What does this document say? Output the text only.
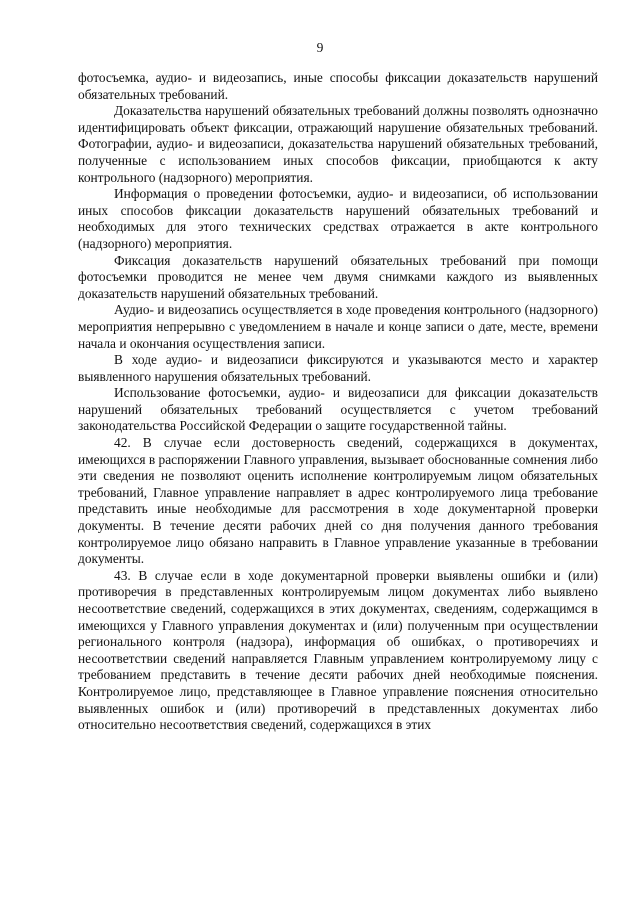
9

фотосъемка, аудио- и видеозапись, иные способы фиксации доказательств нарушений обязательных требований.

Доказательства нарушений обязательных требований должны позволять однозначно идентифицировать объект фиксации, отражающий нарушение обязательных требований. Фотографии, аудио- и видеозаписи, доказательства нарушений обязательных требований, полученные с использованием иных способов фиксации, приобщаются к акту контрольного (надзорного) мероприятия.

Информация о проведении фотосъемки, аудио- и видеозаписи, об использовании иных способов фиксации доказательств нарушений обязательных требований и необходимых для этого технических средствах отражается в акте контрольного (надзорного) мероприятия.

Фиксация доказательств нарушений обязательных требований при помощи фотосъемки проводится не менее чем двумя снимками каждого из выявленных доказательств нарушений обязательных требований.

Аудио- и видеозапись осуществляется в ходе проведения контрольного (надзорного) мероприятия непрерывно с уведомлением в начале и конце записи о дате, месте, времени начала и окончания осуществления записи.

В ходе аудио- и видеозаписи фиксируются и указываются место и характер выявленного нарушения обязательных требований.

Использование фотосъемки, аудио- и видеозаписи для фиксации доказательств нарушений обязательных требований осуществляется с учетом требований законодательства Российской Федерации о защите государственной тайны.

42. В случае если достоверность сведений, содержащихся в документах, имеющихся в распоряжении Главного управления, вызывает обоснованные сомнения либо эти сведения не позволяют оценить исполнение контролируемым лицом обязательных требований, Главное управление направляет в адрес контролируемого лица требование представить иные необходимые для рассмотрения в ходе документарной проверки документы. В течение десяти рабочих дней со дня получения данного требования контролируемое лицо обязано направить в Главное управление указанные в требовании документы.

43. В случае если в ходе документарной проверки выявлены ошибки и (или) противоречия в представленных контролируемым лицом документах либо выявлено несоответствие сведений, содержащихся в этих документах, сведениям, содержащимся в имеющихся у Главного управления документах и (или) полученным при осуществлении регионального контроля (надзора), информация об ошибках, о противоречиях и несоответствии сведений направляется Главным управлением контролируемому лицу с требованием представить в течение десяти рабочих дней необходимые пояснения. Контролируемое лицо, представляющее в Главное управление пояснения относительно выявленных ошибок и (или) противоречий в представленных документах либо относительно несоответствия сведений, содержащихся в этих
